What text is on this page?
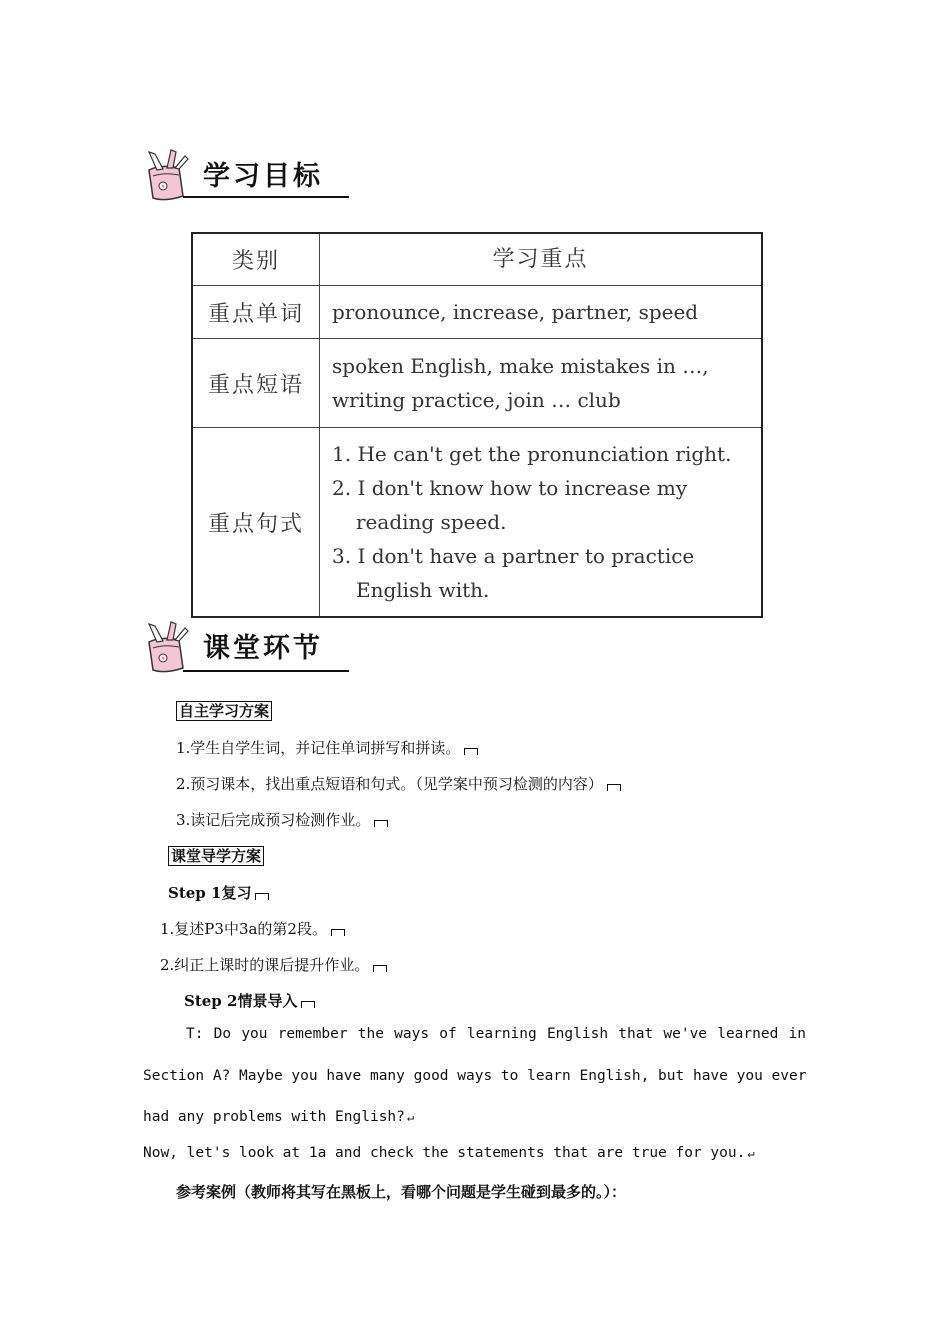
学习目标
类别	学习重点
重点单词	pronounce, increase, partner, speed
重点短语	spoken English, make mistakes in …,
writing practice, join … club

重点句式	1. He can't get the pronunciation right.
2. I don't know how to increase my reading speed.
3. I don't have a partner to practice English with.
课堂环节
自主学习方案
1.学生自学生词，并记住单词拼写和拼读。
2.预习课本，找出重点短语和句式。（见学案中预习检测的内容）
3.读记后完成预习检测作业。
课堂导学方案
Step 1复习
1.复述P3中3a的第2段。
2.纠正上课时的课后提升作业。
Step 2情景导入
T: Do you remember the ways of learning English that we've learned in
Section A? Maybe you have many good ways to learn English, but have you ever
had any problems with English? ↵
Now, let's look at 1a and check the statements that are true for you. ↵
参考案例（教师将其写在黑板上，看哪个问题是学生碰到最多的。）：
